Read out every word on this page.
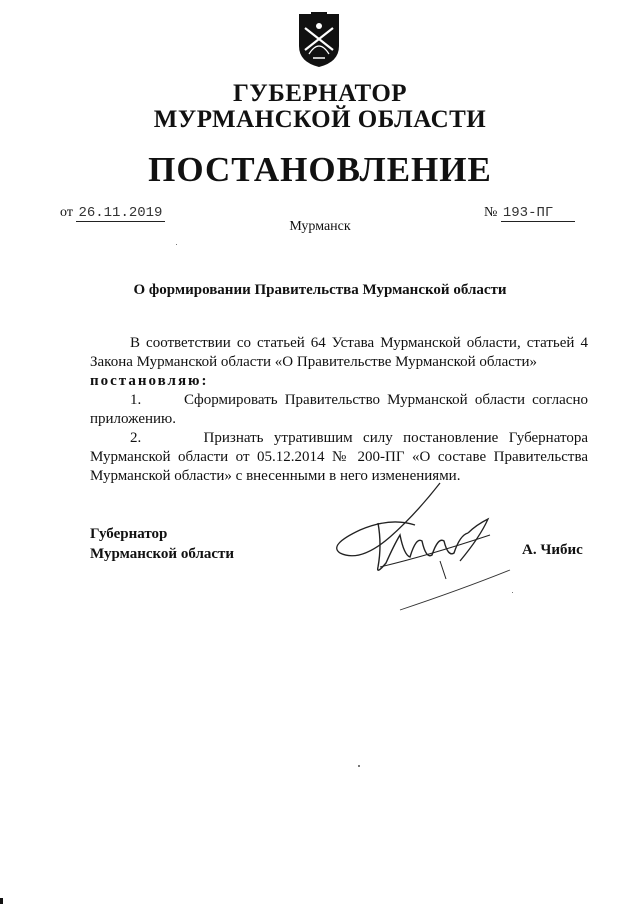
ГУБЕРНАТОР
МУРМАНСКОЙ ОБЛАСТИ
ПОСТАНОВЛЕНИЕ
от 26.11.2019	№ 193-ПГ
Мурманск
О формировании Правительства Мурманской области

В соответствии со статьей 64 Устава Мурманской области, статьей 4 Закона Мурманской области «О Правительстве Мурманской области»
постановляю:

1.      Сформировать Правительство Мурманской области согласно приложению.

2.      Признать утратившим силу постановление Губернатора Мурманской области от 05.12.2014 № 200-ПГ «О составе Правительства Мурманской области» с внесенными в него изменениями.

Губернатор
Мурманской области	А. Чибис
